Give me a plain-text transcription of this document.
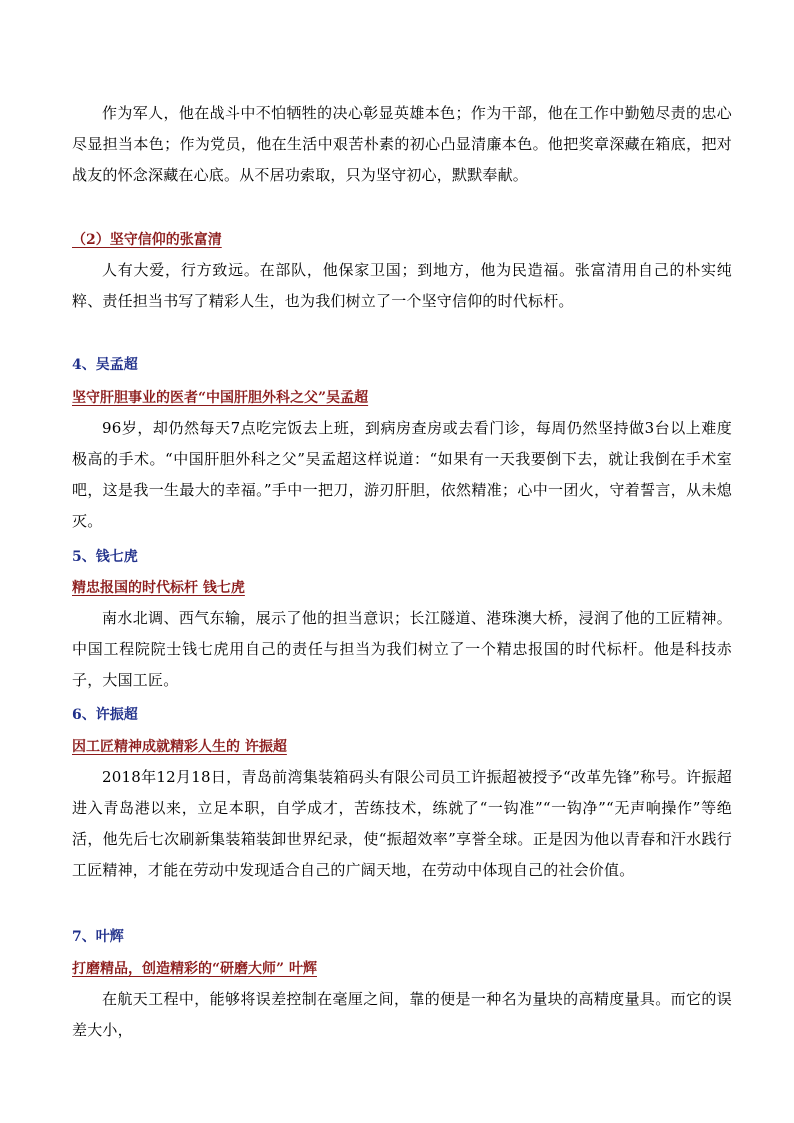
作为军人，他在战斗中不怕牺牲的决心彰显英雄本色；作为干部，他在工作中勤勉尽责的忠心尽显担当本色；作为党员，他在生活中艰苦朴素的初心凸显清廉本色。他把奖章深藏在箱底，把对战友的怀念深藏在心底。从不居功索取，只为坚守初心，默默奉献。

（2）坚守信仰的张富清

人有大爱，行方致远。在部队，他保家卫国；到地方，他为民造福。张富清用自己的朴实纯粹、责任担当书写了精彩人生，也为我们树立了一个坚守信仰的时代标杆。

4、吴孟超

坚守肝胆事业的医者“中国肝胆外科之父”吴孟超

96岁，却仍然每天7点吃完饭去上班，到病房查房或去看门诊，每周仍然坚持做3台以上难度极高的手术。“中国肝胆外科之父”吴孟超这样说道：“如果有一天我要倒下去，就让我倒在手术室吧，这是我一生最大的幸福。”手中一把刀，游刃肝胆，依然精准；心中一团火，守着誓言，从未熄灭。

5、钱七虎

精忠报国的时代标杆 钱七虎

南水北调、西气东输，展示了他的担当意识；长江隧道、港珠澳大桥，浸润了他的工匠精神。中国工程院院士钱七虎用自己的责任与担当为我们树立了一个精忠报国的时代标杆。他是科技赤子，大国工匠。

6、许振超

因工匠精神成就精彩人生的 许振超

2018年12月18日，青岛前湾集装箱码头有限公司员工许振超被授予“改革先锋”称号。许振超进入青岛港以来，立足本职，自学成才，苦练技术，练就了“一钩准”“一钩净”“无声响操作”等绝活，他先后七次刷新集装箱装卸世界纪录，使“振超效率”享誉全球。正是因为他以青春和汗水践行工匠精神，才能在劳动中发现适合自己的广阔天地，在劳动中体现自己的社会价值。

7、叶辉

打磨精品，创造精彩的“研磨大师” 叶辉

在航天工程中，能够将误差控制在毫厘之间，靠的便是一种名为量块的高精度量具。而它的误差大小，
